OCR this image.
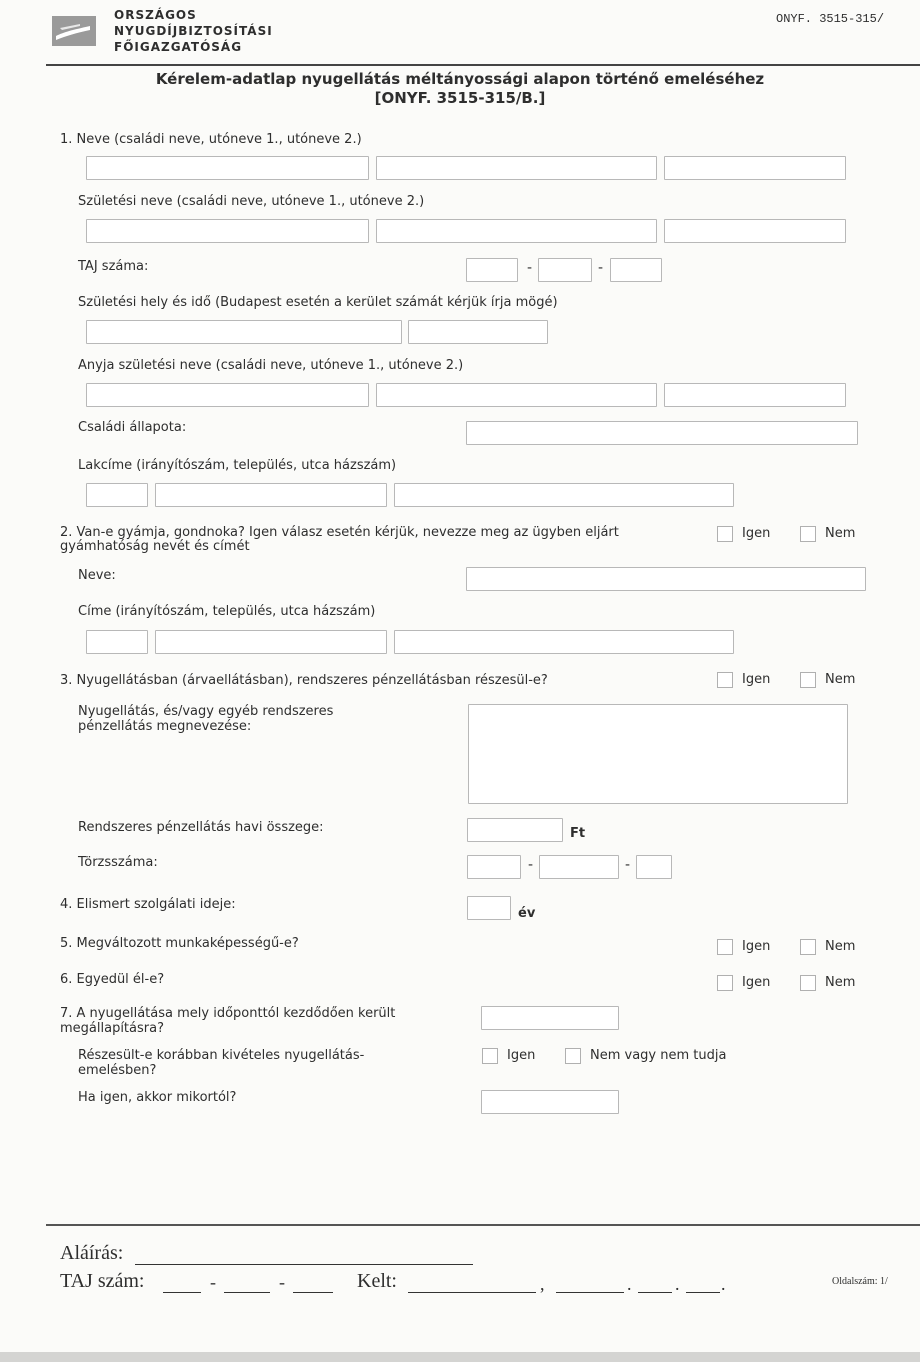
ORSZÁGOS
NYUGDÍJBIZTOSÍTÁSI
FŐIGAZGATÓSÁG
ONYF. 3515-315/
Kérelem-adatlap nyugellátás méltányossági alapon történő emeléséhez
[ONYF. 3515-315/B.]
1. Neve (családi neve, utóneve 1., utóneve 2.)
Születési neve (családi neve, utóneve 1., utóneve 2.)
TAJ száma:	-	-
Születési hely és idő (Budapest esetén a kerület számát kérjük írja mögé)
Anyja születési neve (családi neve, utóneve 1., utóneve 2.)
Családi állapota:
Lakcíme (irányítószám, település, utca házszám)
2. Van-e gyámja, gondnoka? Igen válasz esetén kérjük, nevezze meg az ügyben eljárt gyámhatóság nevét és címét
Igen	Nem
Neve:
Címe (irányítószám, település, utca házszám)
3. Nyugellátásban (árvaellátásban), rendszeres pénzellátásban részesül-e?	Igen	Nem
Nyugellátás, és/vagy egyéb rendszeres pénzellátás megnevezése:
Rendszeres pénzellátás havi összege:	Ft
Törzsszáma:	-	-
4. Elismert szolgálati ideje:
év
5. Megváltozott munkaképességű-e?	Igen	Nem
6. Egyedül él-e?	Igen	Nem
7. A nyugellátása mely időponttól kezdődően került megállapításra?
Részesült-e korábban kivételes nyugellátás-emelésben?
Igen	Nem vagy nem tudja
Ha igen, akkor mikortól?
Aláírás:
TAJ szám:	-	-	Kelt:	,	. . .	Oldalszám: 1/
